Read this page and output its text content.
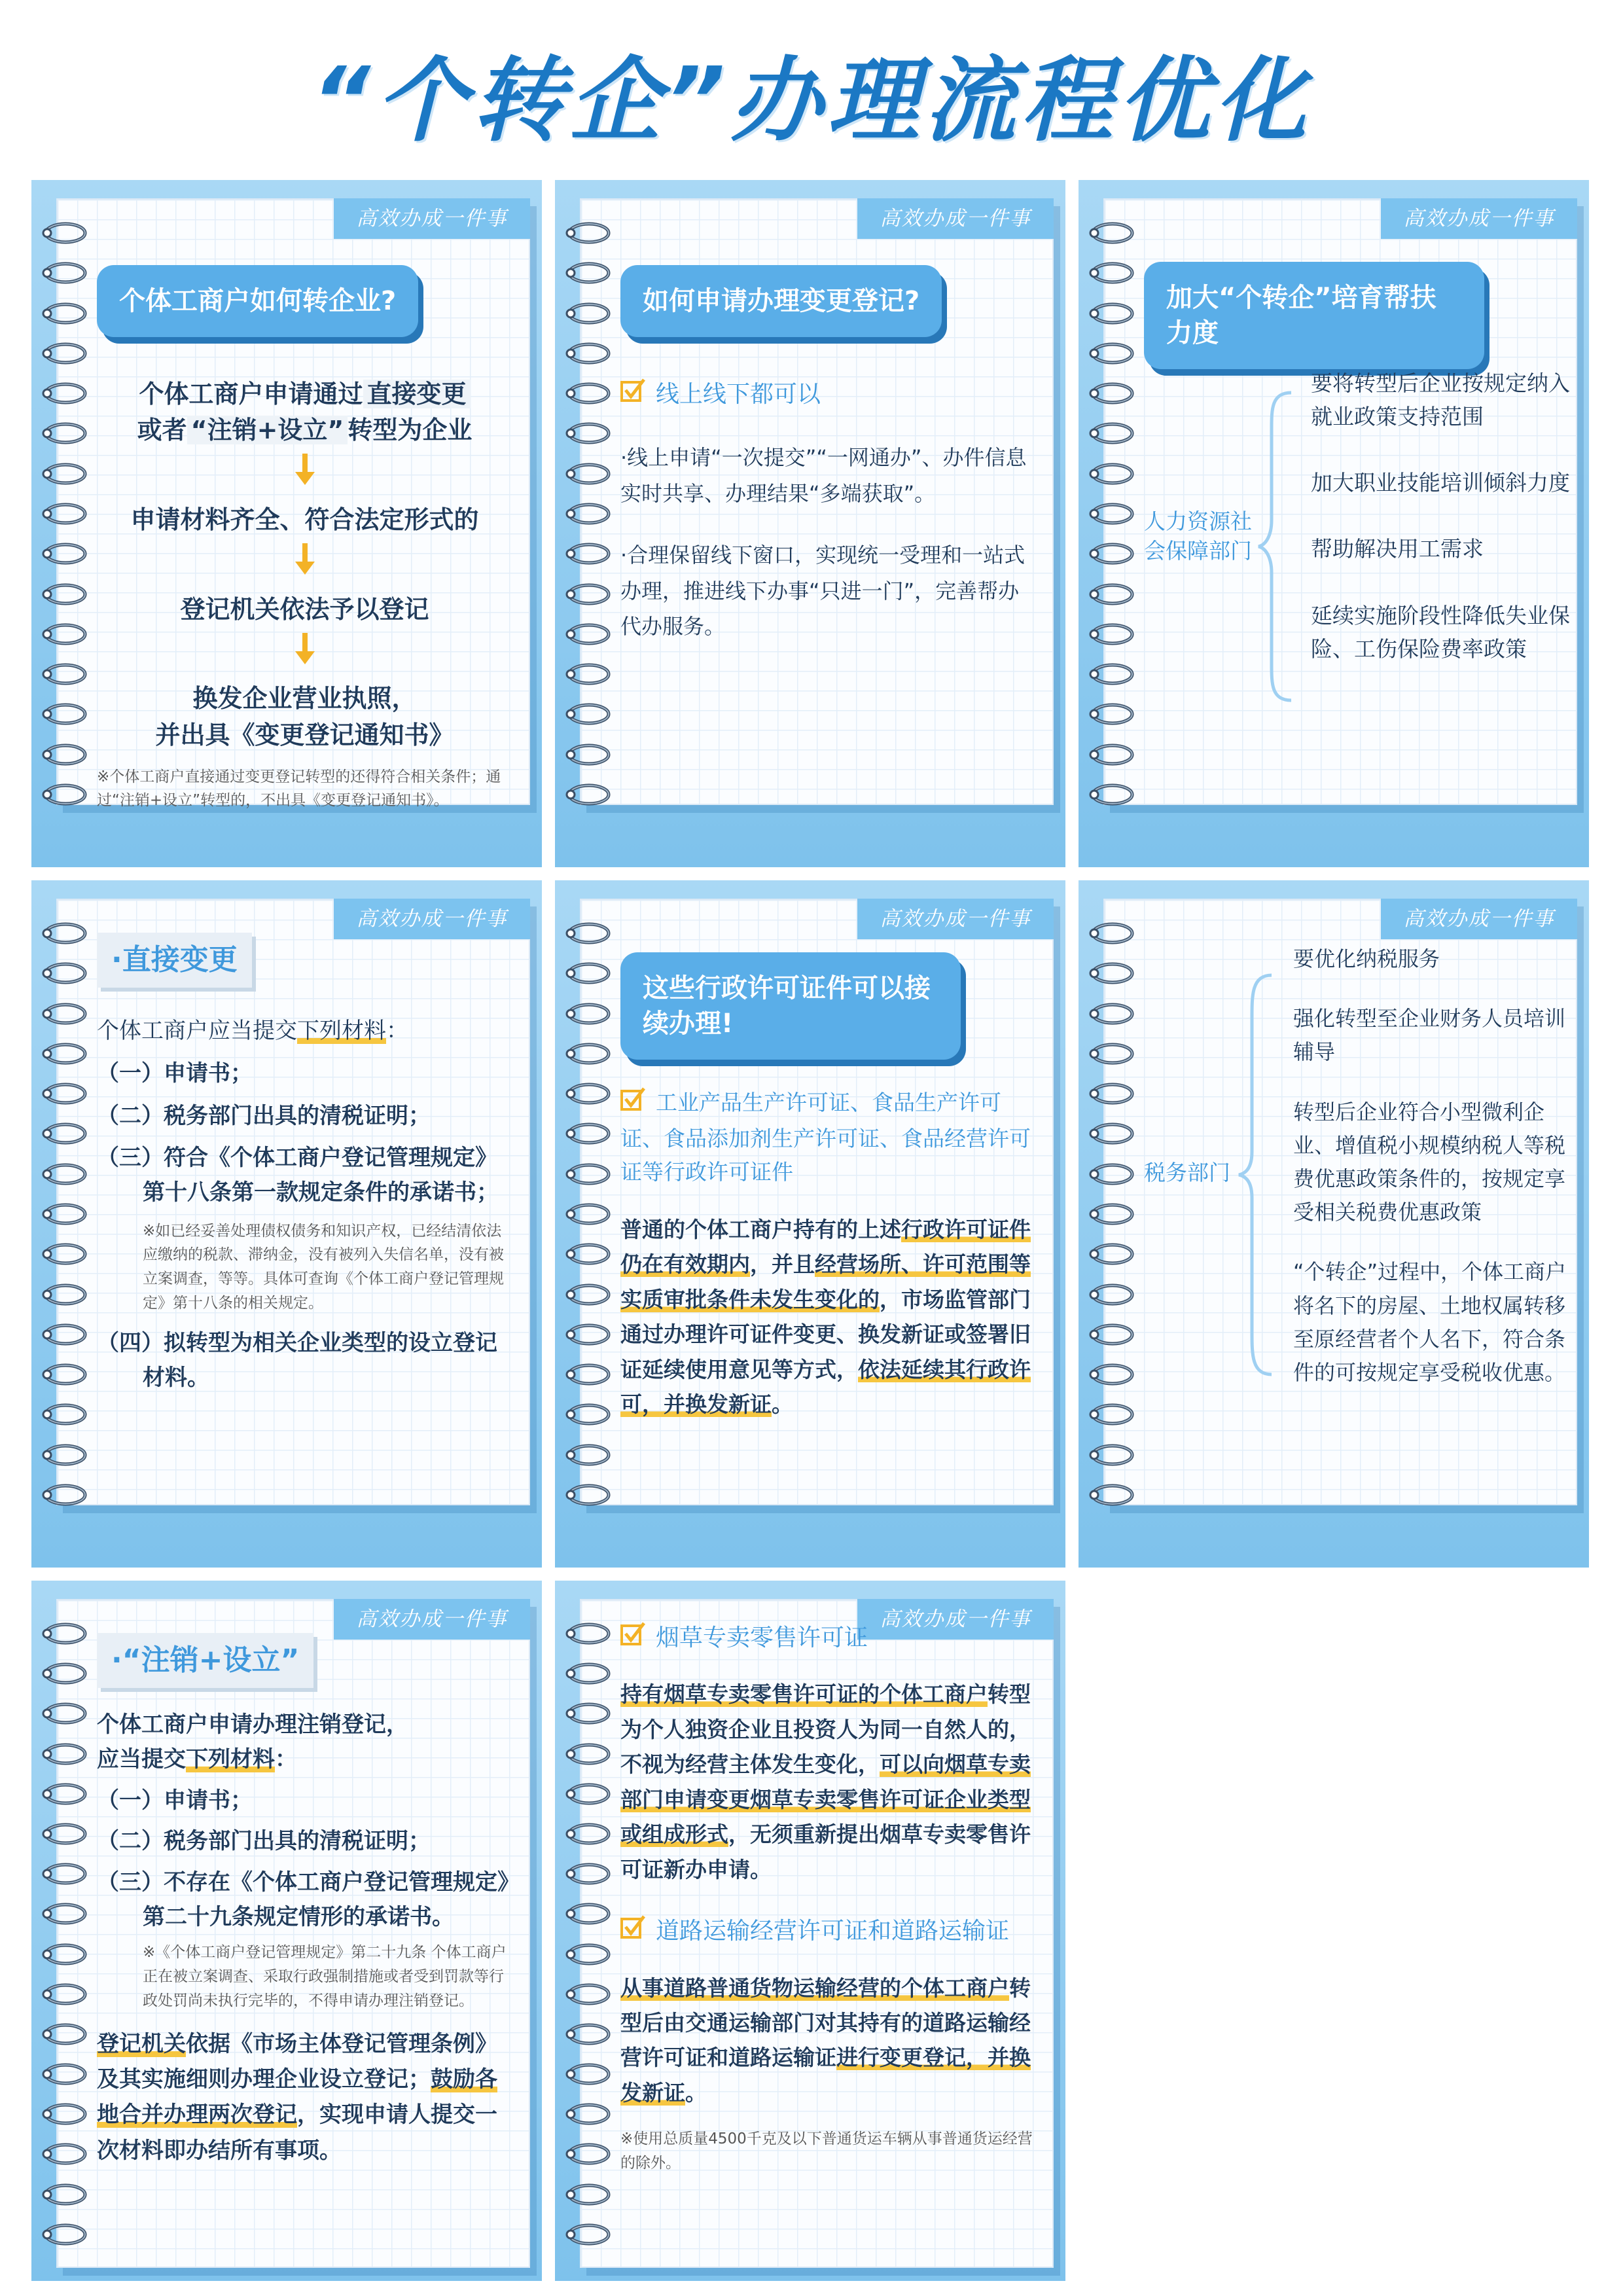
“个转企”办理流程优化
高效办成一件事
个体工商户如何转企业?
个体工商户申请通过 直接变更
或者 “注销+设立” 转型为企业
申请材料齐全、符合法定形式的
登记机关依法予以登记
换发企业营业执照，
并出具《变更登记通知书》
※个体工商户直接通过变更登记转型的还得符合相关条件；通过“注销+设立”转型的，不出具《变更登记通知书》。
高效办成一件事
如何申请办理变更登记?
线上线下都可以
·线上申请“一次提交”“一网通办”、办件信息实时共享、办理结果“多端获取”。
·合理保留线下窗口，实现统一受理和一站式办理，推进线下办事“只进一门”，完善帮办代办服务。
高效办成一件事
加大“个转企”培育帮扶力度
人力资源社会保障部门
要将转型后企业按规定纳入就业政策支持范围
加大职业技能培训倾斜力度
帮助解决用工需求
延续实施阶段性降低失业保险、工伤保险费率政策
高效办成一件事
·直接变更
个体工商户应当提交下列材料：
（一）申请书；
（二）税务部门出具的清税证明；
（三）符合《个体工商户登记管理规定》
第十八条第一款规定条件的承诺书；
※如已经妥善处理债权债务和知识产权，已经结清依法应缴纳的税款、滞纳金，没有被列入失信名单，没有被立案调查，等等。具体可查询《个体工商户登记管理规定》第十八条的相关规定。
（四）拟转型为相关企业类型的设立登记
材料。
高效办成一件事
这些行政许可证件可以接续办理!
工业产品生产许可证、食品生产许可证、食品添加剂生产许可证、食品经营许可证等行政许可证件
普通的个体工商户持有的上述行政许可证件仍在有效期内，并且经营场所、许可范围等实质审批条件未发生变化的，市场监管部门通过办理许可证件变更、换发新证或签署旧证延续使用意见等方式，依法延续其行政许可，并换发新证。
高效办成一件事
税务部门
要优化纳税服务
强化转型至企业财务人员培训辅导
转型后企业符合小型微利企业、增值税小规模纳税人等税费优惠政策条件的，按规定享受相关税费优惠政策
“个转企”过程中，个体工商户将名下的房屋、土地权属转移至原经营者个人名下，符合条件的可按规定享受税收优惠。
高效办成一件事
·“注销+设立”
个体工商户申请办理注销登记，
应当提交下列材料：
（一）申请书；
（二）税务部门出具的清税证明；
（三）不存在《个体工商户登记管理规定》
第二十九条规定情形的承诺书。
※《个体工商户登记管理规定》第二十九条 个体工商户正在被立案调查、采取行政强制措施或者受到罚款等行政处罚尚未执行完毕的，不得申请办理注销登记。
登记机关依据《市场主体登记管理条例》及其实施细则办理企业设立登记；鼓励各地合并办理两次登记，实现申请人提交一次材料即办结所有事项。
高效办成一件事
烟草专卖零售许可证
持有烟草专卖零售许可证的个体工商户转型为个人独资企业且投资人为同一自然人的，不视为经营主体发生变化，可以向烟草专卖部门申请变更烟草专卖零售许可证企业类型或组成形式，无须重新提出烟草专卖零售许可证新办申请。
道路运输经营许可证和道路运输证
从事道路普通货物运输经营的个体工商户转型后由交通运输部门对其持有的道路运输经营许可证和道路运输证进行变更登记，并换发新证。
※使用总质量4500千克及以下普通货运车辆从事普通货运经营的除外。
